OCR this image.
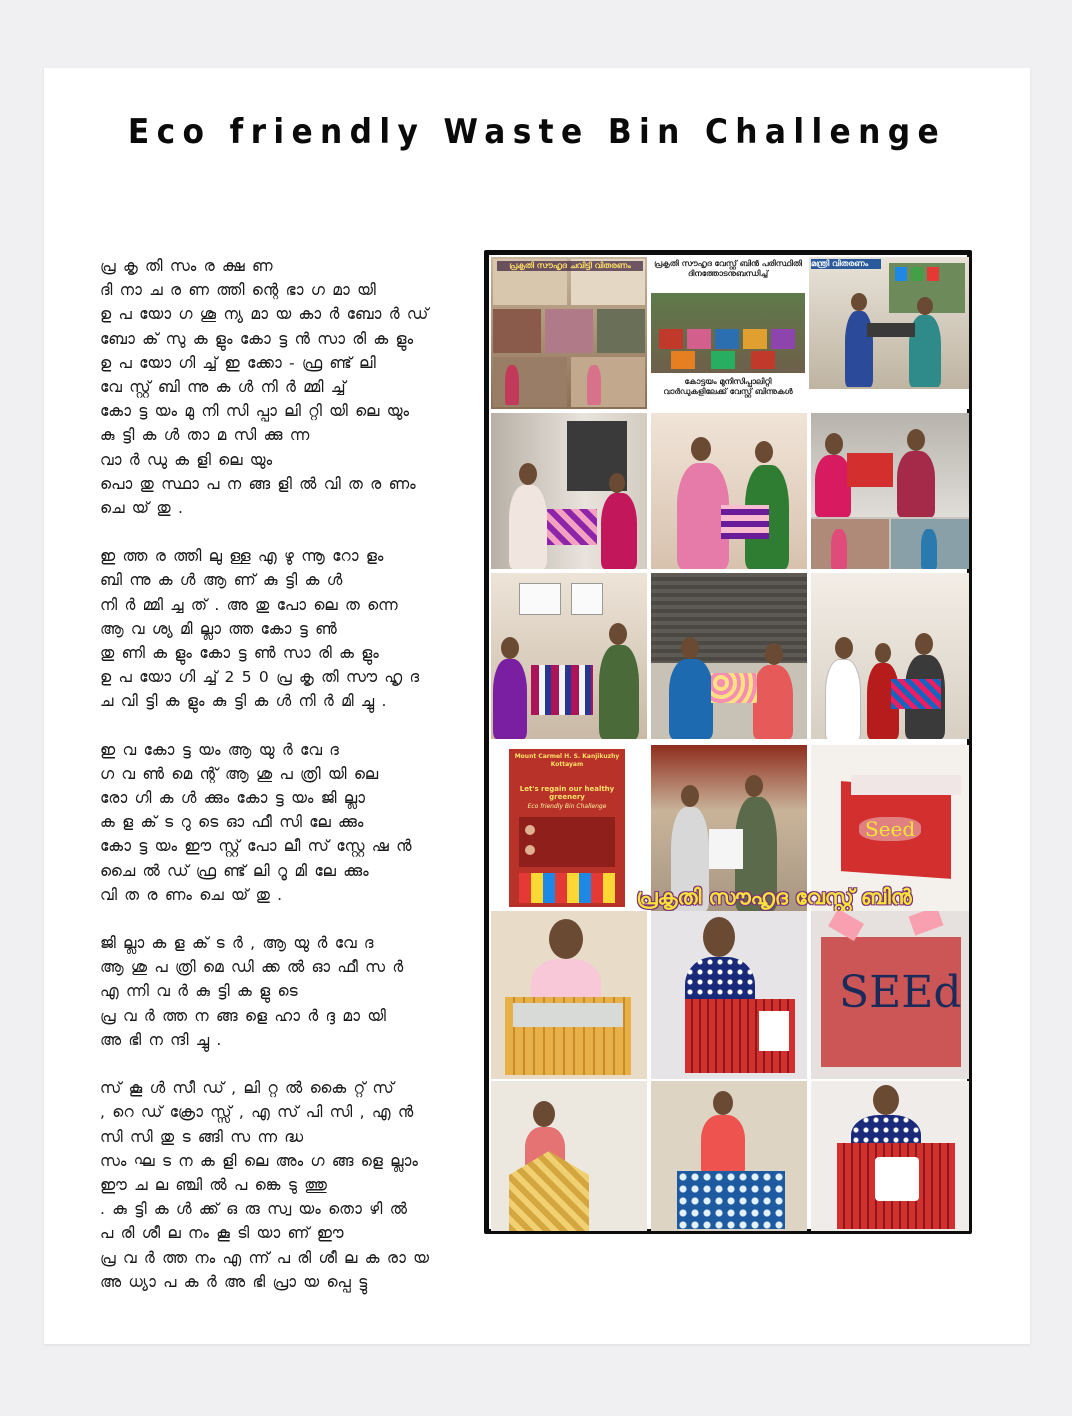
Eco friendly Waste Bin Challenge

പ്ര കൃ തി സം ര ക്ഷ ണ
ദി നാ ച ര ണ ത്തി ന്റെ ഭാ ഗ മാ യി
ഉ പ യോ ഗ ശൂ ന്യ മാ യ കാ ർ ബോ ർ ഡ്
ബോ ക് സു ക ളും കോ ട്ട ൻ സാ രി ക ളും
ഉ പ യോ ഗി ച്ച് ഇ ക്കോ - ഫ്ര ണ്ട് ലി
വേ സ്റ്റ് ബി ന്നു ക ൾ നി ർ മ്മി ച്ച്
കോ ട്ട യം മു നി സി പ്പാ ലി റ്റി യി ലെ യും
കു ട്ടി ക ൾ താ മ സി ക്കു ന്ന
വാ ർ ഡു ക ളി ലെ യും
പൊ തു സ്ഥാ പ ന ങ്ങ ളി ൽ വി ത ര ണം
ചെ യ് തു .

ഇ ത്ത ര ത്തി ലു ള്ള എ ഴു ന്നൂ റോ ളം
ബി ന്നു ക ൾ ആ ണ് കു ട്ടി ക ൾ
നി ർ മ്മി ച്ച ത് . അ തു പോ ലെ ത ന്നെ
ആ വ ശ്യ മി ല്ലാ ത്ത കോ ട്ട ൺ
തു ണി ക ളും കോ ട്ട ൺ സാ രി ക ളും
ഉ പ യോ ഗി ച്ച് 2 5 0 പ്ര കൃ തി സൗ ഹൃ ദ
ച വി ട്ടി ക ളും കു ട്ടി ക ൾ നി ർ മി ച്ചു .

ഇ വ കോ ട്ട യം ആ യു ർ വേ ദ
ഗ വ ൺ മെ ന്റ് ആ ശു പ ത്രി യി ലെ
രോ ഗി ക ൾ ക്കും കോ ട്ട യം ജി ല്ലാ
ക ള ക് ട റു ടെ ഓ ഫീ സി ലേ ക്കും
കോ ട്ട യം ഈ സ്റ്റ് പോ ലീ സ് സ്റ്റേ ഷ ൻ
ചൈ ൽ ഡ് ഫ്ര ണ്ട് ലി റൂ മി ലേ ക്കും
വി ത ര ണം ചെ യ് തു .

ജി ല്ലാ ക ള ക് ട ർ , ആ യു ർ വേ ദ
ആ ശു പ ത്രി മെ ഡി ക്ക ൽ ഓ ഫീ സ ർ
എ ന്നി വ ർ കു ട്ടി ക ളു ടെ
പ്ര വ ർ ത്ത ന ങ്ങ ളെ ഹാ ർ ദ്ദ മാ യി
അ ഭി ന ന്ദി ച്ചു .

സ് കൂ ൾ സീ ഡ് , ലി റ്റ ൽ കൈ റ്റ് സ്
, റെ ഡ് ക്രോ സ്സ് , എ സ് പി സി , എ ൻ
സി സി തു ട ങ്ങി സ ന്ന ദ്ധ
സം ഘ ട ന ക ളി ലെ അം ഗ ങ്ങ ളെ ല്ലാം
ഈ ച ല ഞ്ചി ൽ പ ങ്കെ ടു ത്തു
. കു ട്ടി ക ൾ ക്ക് ഒ രു സ്വ യം തൊ ഴി ൽ
പ രി ശീ ല നം കൂ ടി യാ ണ് ഈ
പ്ര വ ർ ത്ത നം എ ന്ന് പ രി ശീ ല ക രാ യ
അ ധ്യാ പ ക ർ അ ഭി പ്രാ യ പ്പെ ട്ടു

പ്രകൃതി സൗഹൃദ ചവിട്ടി വിതരണം	പ്രകൃതി സൗഹൃദ വേസ്റ്റ് ബിൻ പരിസ്ഥിതി ദിനത്തോടനുബന്ധിച്ച്
കോട്ടയം മുനിസിപ്പാലിറ്റി വാർഡുകളിലേക്ക് വേസ്റ്റ് ബിന്നുകൾ
മന്ത്രി വിതരണം
Mount Carmel H. S. Kanjikuzhy Kottayam
Let's regain our healthy greenery
Eco friendly Bin Challenge
Seed
പ്രകൃതി സൗഹൃദ വേസ്റ്റ് ബിൻ
SEEd
